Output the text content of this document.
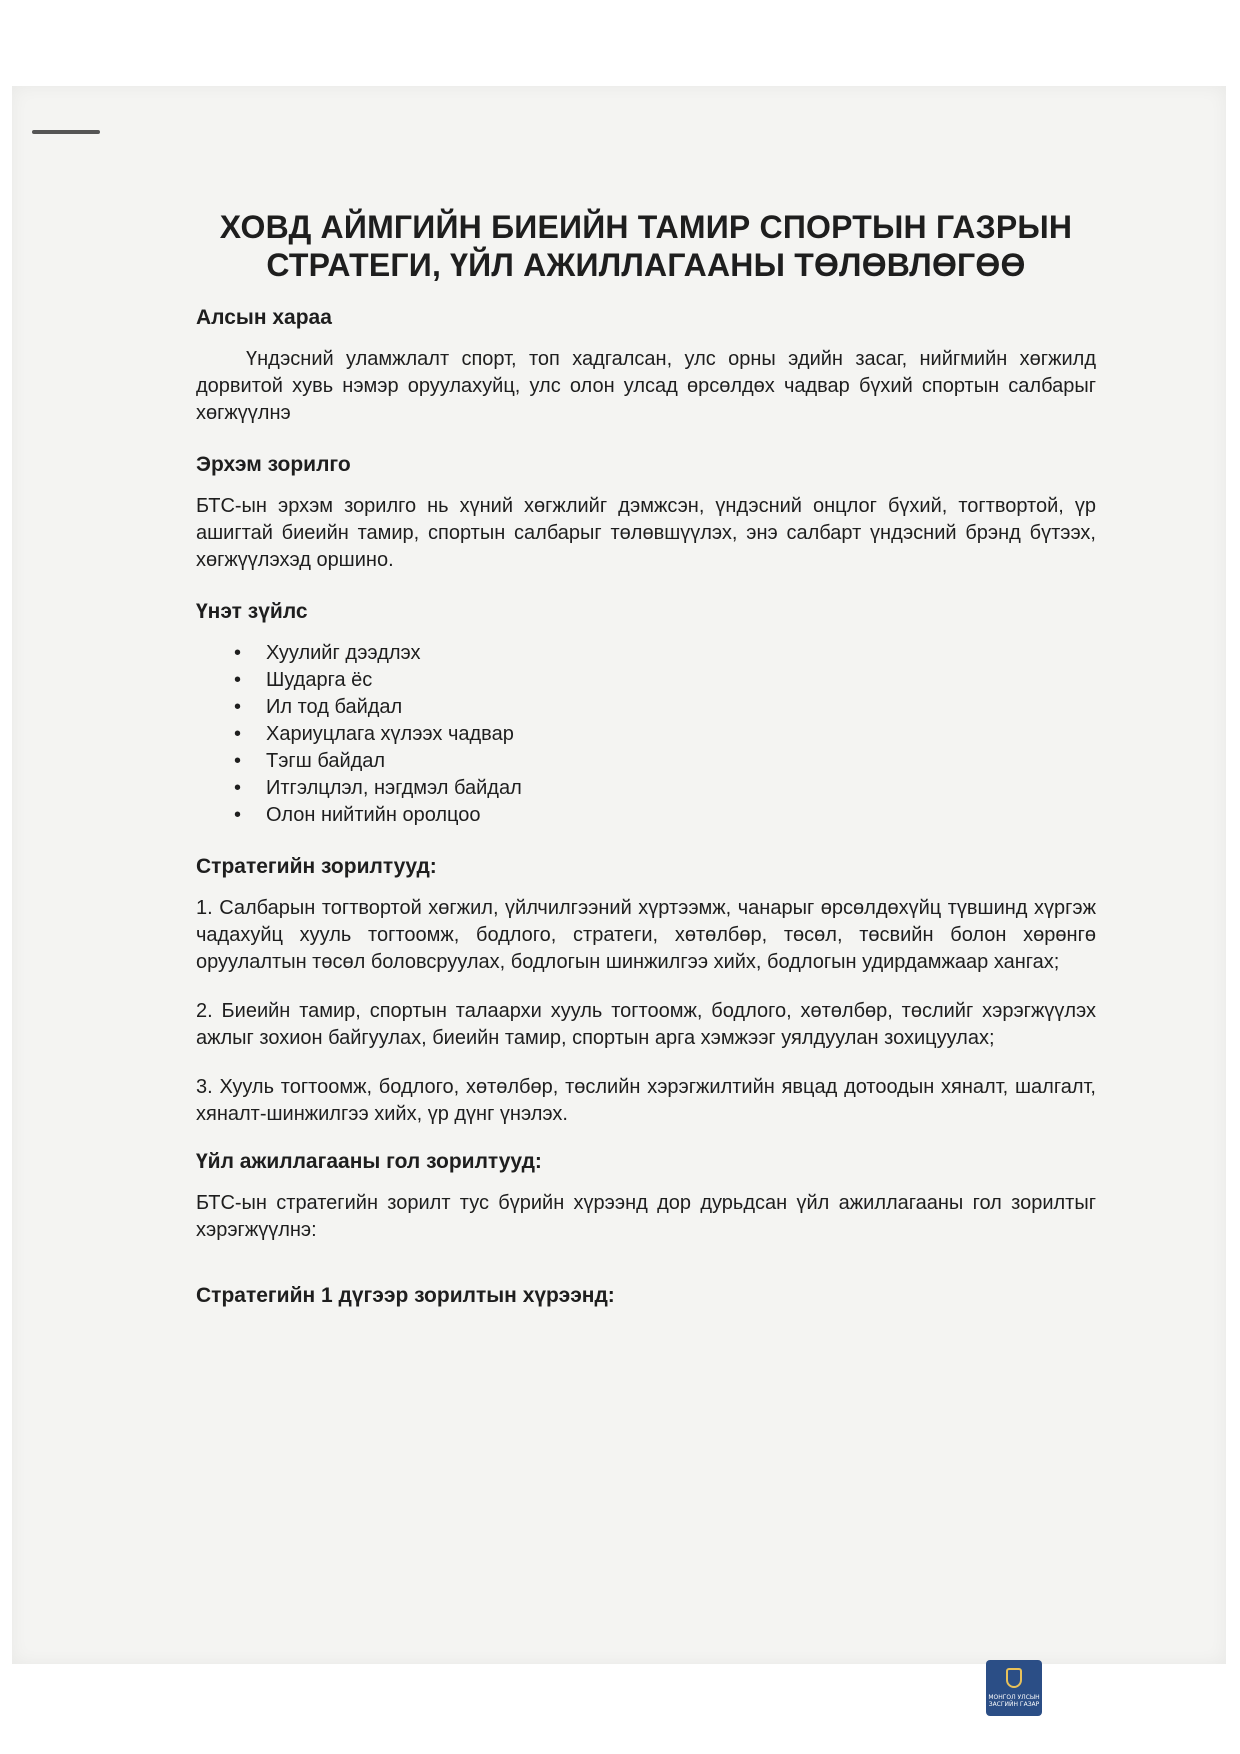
ХОВД АЙМГИЙН БИЕИЙН ТАМИР СПОРТЫН ГАЗРЫН
СТРАТЕГИ, ҮЙЛ АЖИЛЛАГААНЫ ТӨЛӨВЛӨГӨӨ
Алсын хараа

Үндэсний уламжлалт спорт, топ хадгалсан, улс орны эдийн засаг, нийгмийн хөгжилд дорвитой хувь нэмэр оруулахуйц, улс олон улсад өрсөлдөх чадвар бүхий спортын салбарыг хөгжүүлнэ

Эрхэм зорилго

БТС-ын эрхэм зорилго нь хүний хөгжлийг дэмжсэн, үндэсний онцлог бүхий, тогтвортой, үр ашигтай биеийн тамир, спортын салбарыг төлөвшүүлэх, энэ салбарт үндэсний брэнд бүтээх, хөгжүүлэхэд оршино.

Үнэт зүйлс
• Хуулийг дээдлэх
• Шударга ёс
• Ил тод байдал
• Хариуцлага хүлээх чадвар
• Тэгш байдал
• Итгэлцлэл, нэгдмэл байдал
• Олон нийтийн оролцоо
Стратегийн зорилтууд:

1. Салбарын тогтвортой хөгжил, үйлчилгээний хүртээмж, чанарыг өрсөлдөхүйц түвшинд хүргэж чадахуйц хууль тогтоомж, бодлого, стратеги, хөтөлбөр, төсөл, төсвийн болон хөрөнгө оруулалтын төсөл боловсруулах, бодлогын шинжилгээ хийх, бодлогын удирдамжаар хангах;

2. Биеийн тамир, спортын талаархи хууль тогтоомж, бодлого, хөтөлбөр, төслийг хэрэгжүүлэх ажлыг зохион байгуулах, биеийн тамир, спортын арга хэмжээг уялдуулан зохицуулах;

3. Хууль тогтоомж, бодлого, хөтөлбөр, төслийн хэрэгжилтийн явцад дотоодын хяналт, шалгалт, хяналт-шинжилгээ хийх, үр дүнг үнэлэх.

Үйл ажиллагааны гол зорилтууд:

БТС-ын стратегийн зорилт тус бүрийн хүрээнд дор дурьдсан үйл ажиллагааны гол зорилтыг хэрэгжүүлнэ:

Стратегийн 1 дүгээр зорилтын хүрээнд:
МОНГОЛ УЛСЫН ЗАСГИЙН ГАЗАР
